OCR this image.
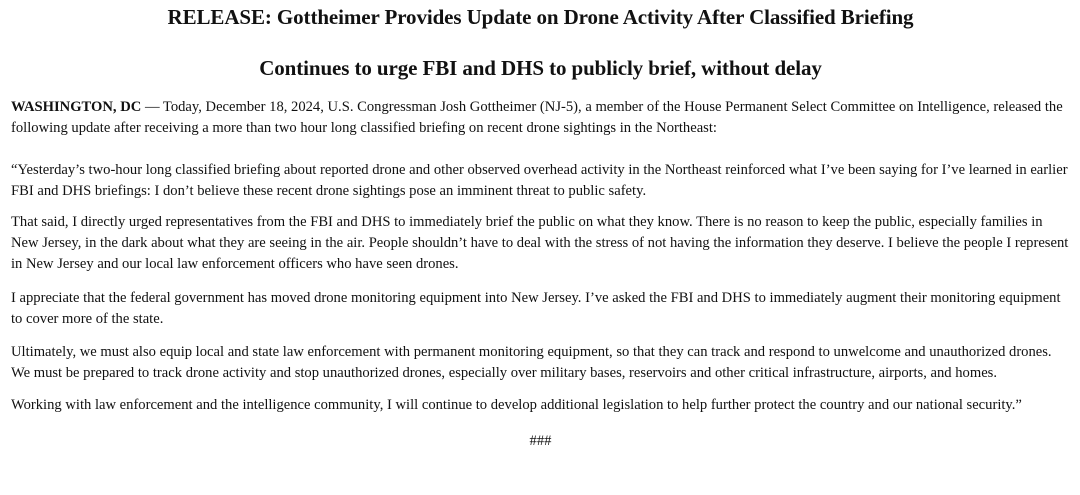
RELEASE: Gottheimer Provides Update on Drone Activity After Classified Briefing
Continues to urge FBI and DHS to publicly brief, without delay

WASHINGTON, DC — Today, December 18, 2024, U.S. Congressman Josh Gottheimer (NJ-5), a member of the House Permanent Select Committee on Intelligence, released the following update after receiving a more than two hour long classified briefing on recent drone sightings in the Northeast:

“Yesterday’s two-hour long classified briefing about reported drone and other observed overhead activity in the Northeast reinforced what I’ve been saying for I’ve learned in earlier FBI and DHS briefings: I don’t believe these recent drone sightings pose an imminent threat to public safety.

That said, I directly urged representatives from the FBI and DHS to immediately brief the public on what they know. There is no reason to keep the public, especially families in New Jersey, in the dark about what they are seeing in the air. People shouldn’t have to deal with the stress of not having the information they deserve. I believe the people I represent in New Jersey and our local law enforcement officers who have seen drones.

I appreciate that the federal government has moved drone monitoring equipment into New Jersey. I’ve asked the FBI and DHS to immediately augment their monitoring equipment to cover more of the state.

Ultimately, we must also equip local and state law enforcement with permanent monitoring equipment, so that they can track and respond to unwelcome and unauthorized drones. We must be prepared to track drone activity and stop unauthorized drones, especially over military bases, reservoirs and other critical infrastructure, airports, and homes.

Working with law enforcement and the intelligence community, I will continue to develop additional legislation to help further protect the country and our national security.”

###
